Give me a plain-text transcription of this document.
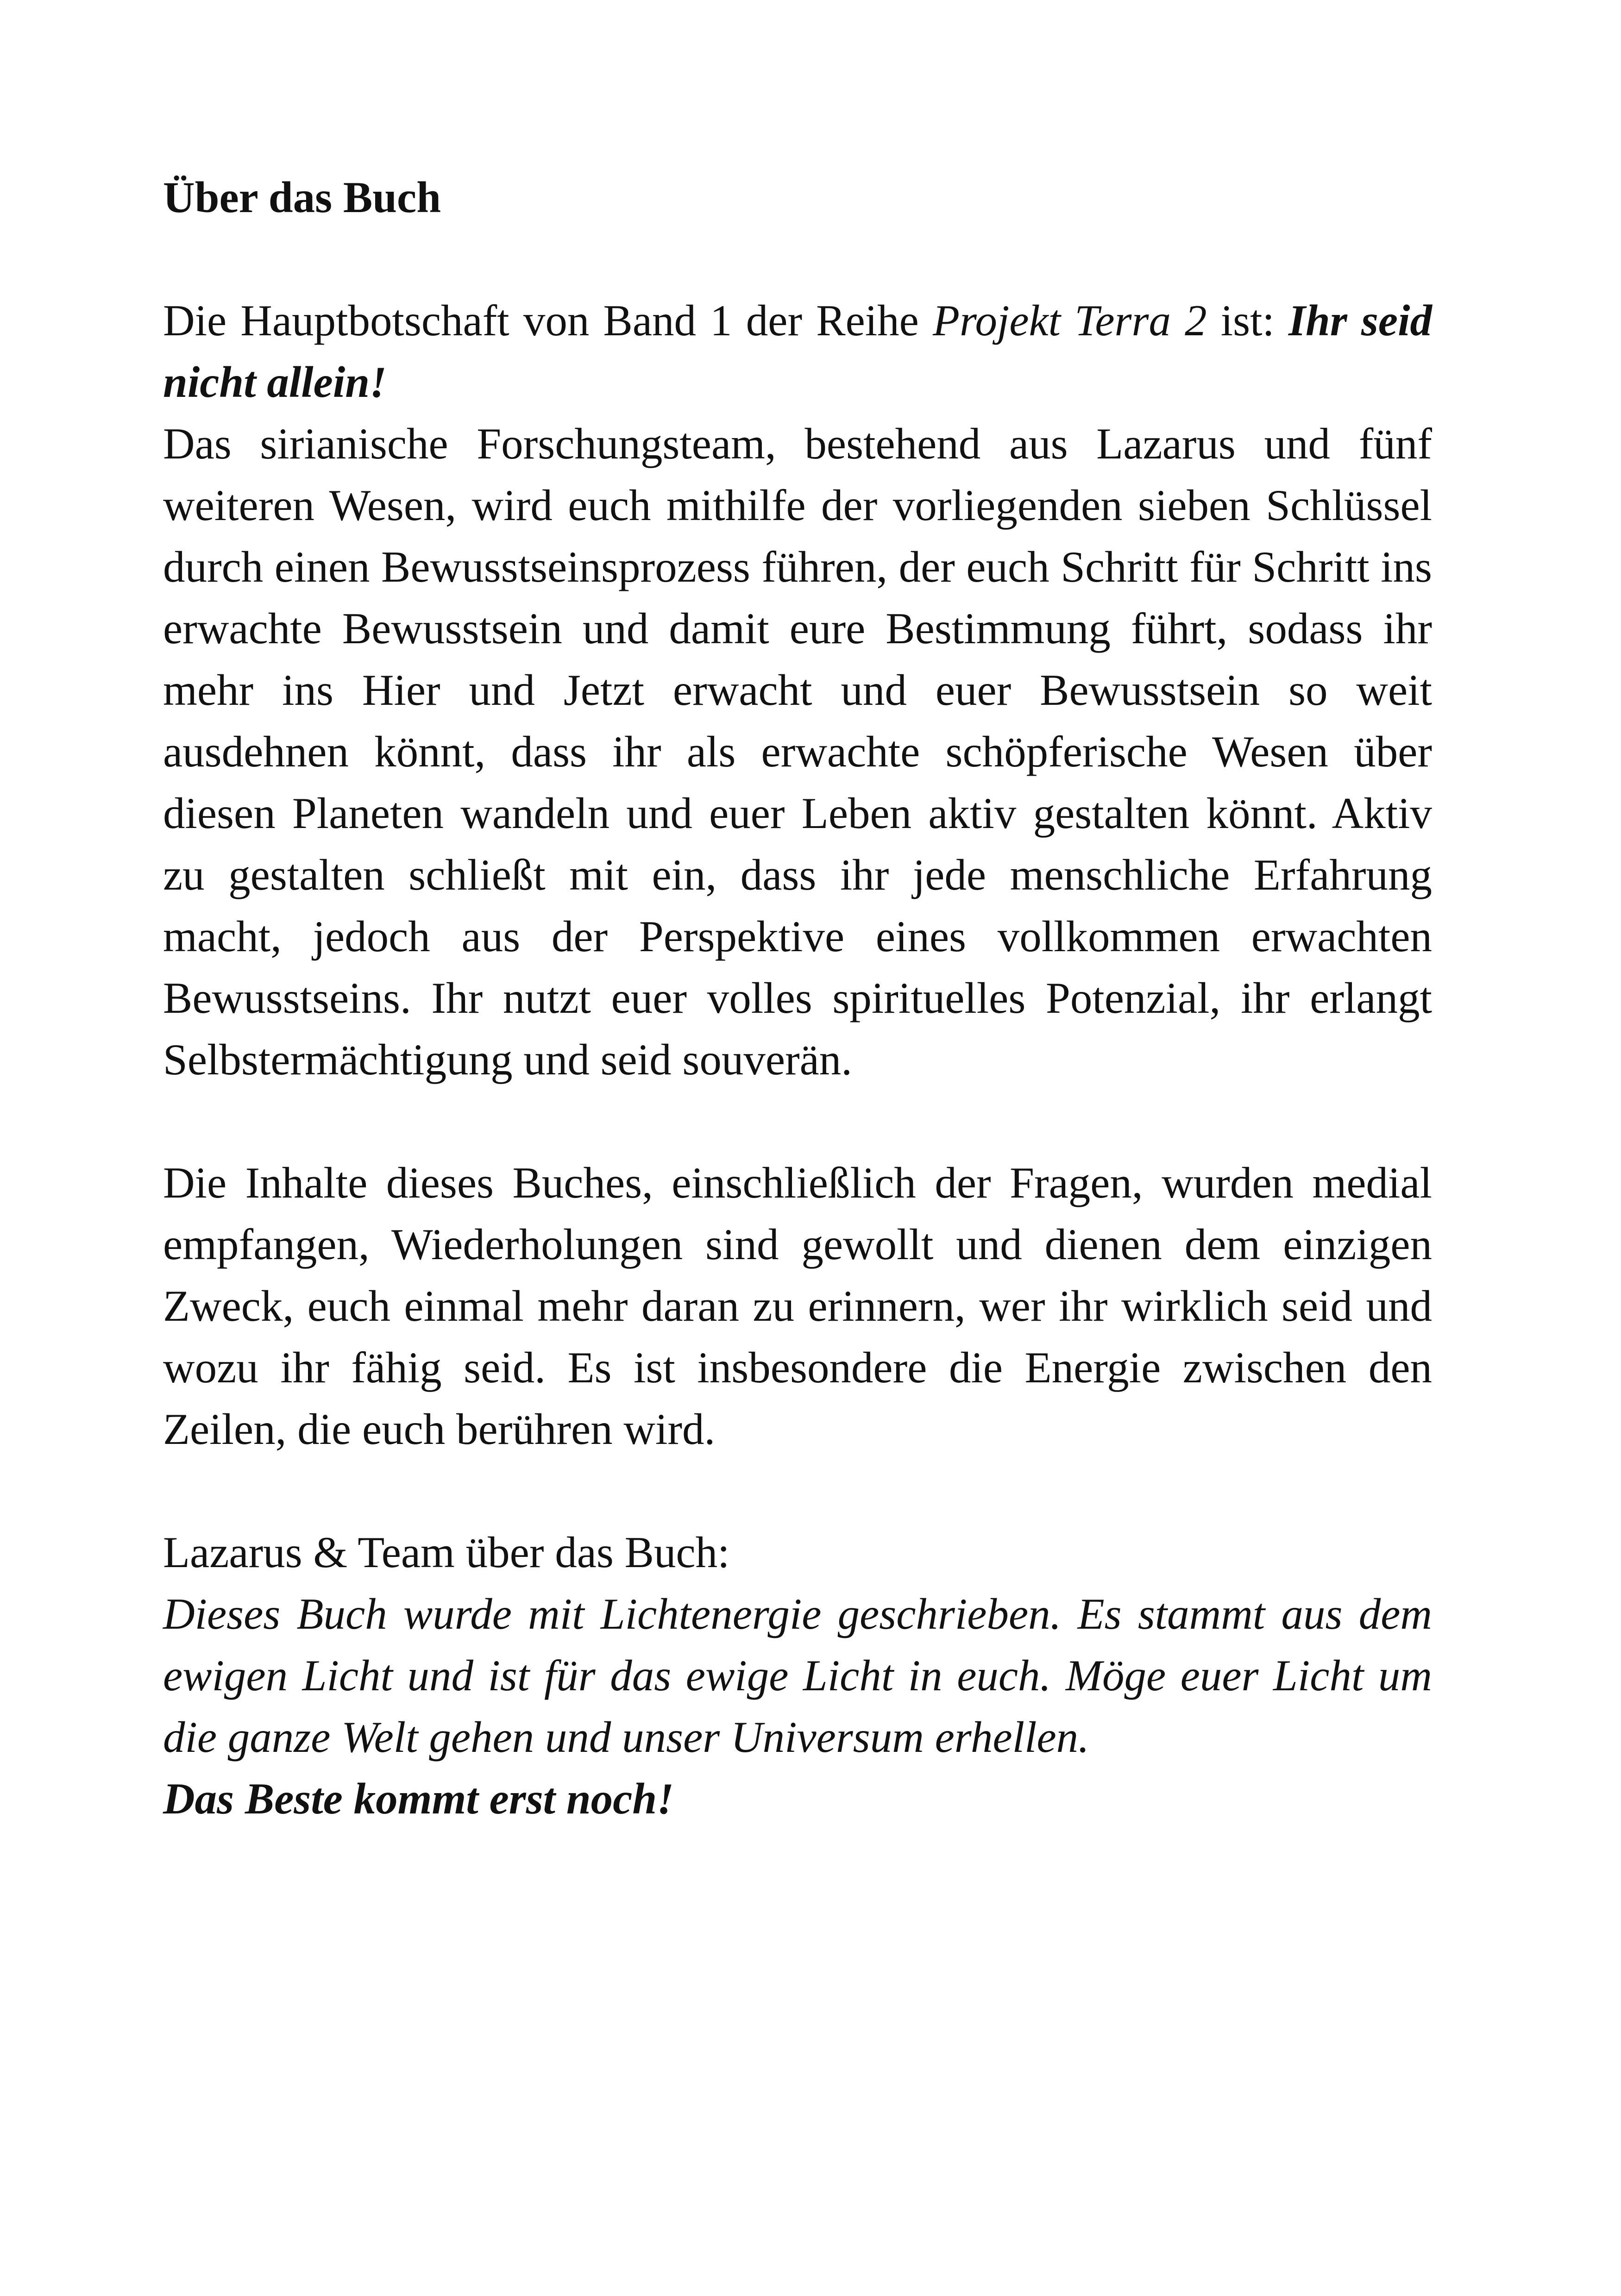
Über das Buch

Die Hauptbotschaft von Band 1 der Reihe Projekt Terra 2 ist: Ihr seid nicht allein!

Das sirianische Forschungsteam, bestehend aus Lazarus und fünf weiteren Wesen, wird euch mithilfe der vorliegenden sieben Schlüssel durch einen Bewusstseinsprozess führen, der euch Schritt für Schritt ins erwachte Bewusstsein und damit eure Bestimmung führt, sodass ihr mehr ins Hier und Jetzt erwacht und euer Bewusstsein so weit ausdehnen könnt, dass ihr als erwachte schöpferische Wesen über diesen Planeten wandeln und euer Leben aktiv gestalten könnt. Aktiv zu gestalten schließt mit ein, dass ihr jede menschliche Erfahrung macht, jedoch aus der Perspektive eines vollkommen erwachten Bewusstseins. Ihr nutzt euer volles spirituelles Potenzial, ihr erlangt Selbstermächtigung und seid souverän.

Die Inhalte dieses Buches, einschließlich der Fragen, wurden medial empfangen, Wiederholungen sind gewollt und dienen dem einzigen Zweck, euch einmal mehr daran zu erinnern, wer ihr wirklich seid und wozu ihr fähig seid. Es ist insbesondere die Energie zwischen den Zeilen, die euch berühren wird.

Lazarus & Team über das Buch:

Dieses Buch wurde mit Lichtenergie geschrieben. Es stammt aus dem ewigen Licht und ist für das ewige Licht in euch. Möge euer Licht um die ganze Welt gehen und unser Universum erhellen.

Das Beste kommt erst noch!
